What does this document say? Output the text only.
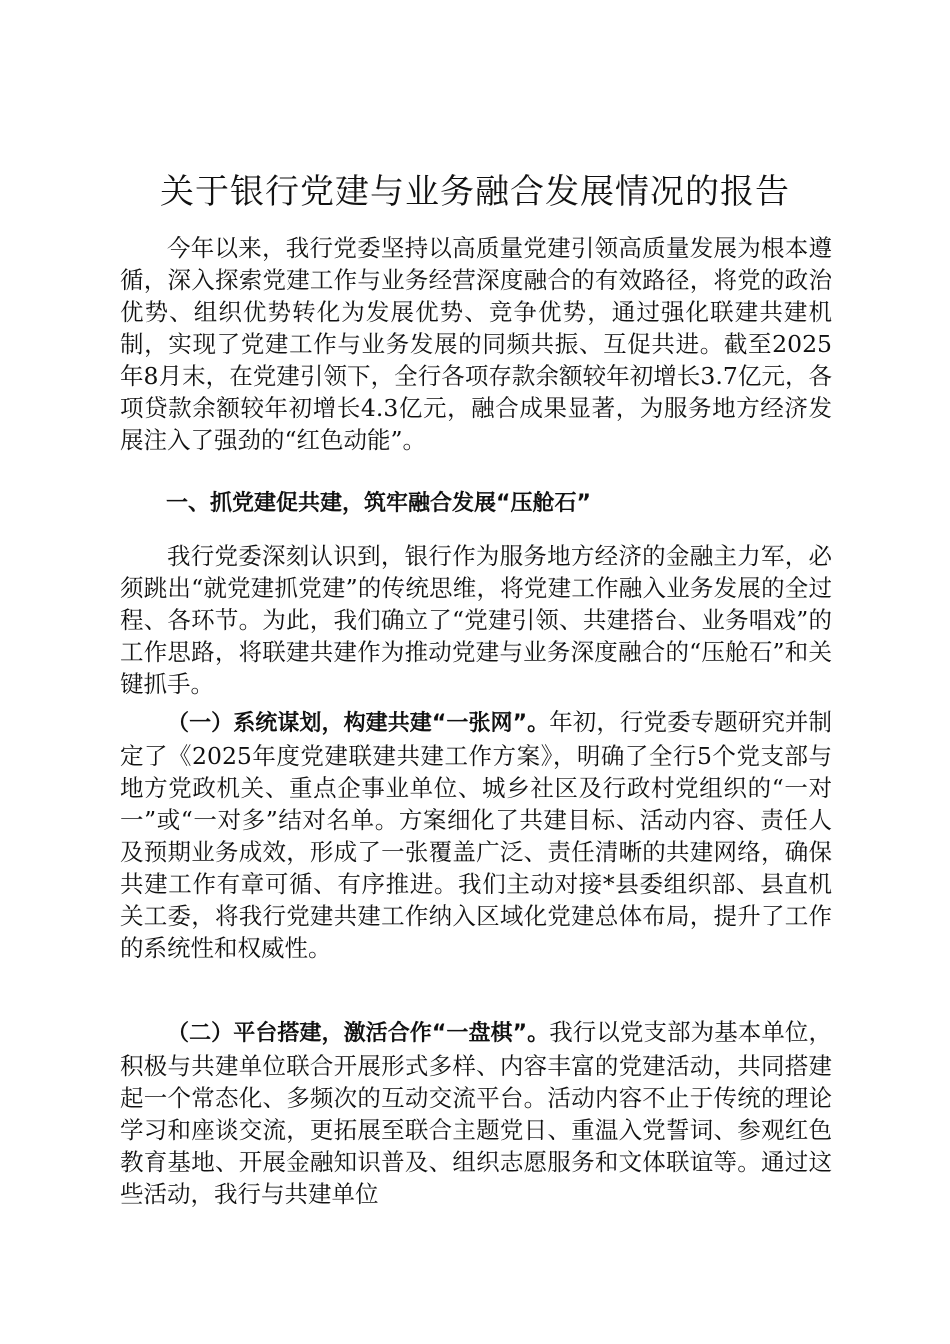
关于银行党建与业务融合发展情况的报告

今年以来，我行党委坚持以高质量党建引领高质量发展为根本遵循，深入探索党建工作与业务经营深度融合的有效路径，将党的政治优势、组织优势转化为发展优势、竞争优势，通过强化联建共建机制，实现了党建工作与业务发展的同频共振、互促共进。截至2025年8月末，在党建引领下，全行各项存款余额较年初增长3.7亿元，各项贷款余额较年初增长4.3亿元，融合成果显著，为服务地方经济发展注入了强劲的“红色动能”。

一、抓党建促共建，筑牢融合发展“压舱石”

我行党委深刻认识到，银行作为服务地方经济的金融主力军，必须跳出“就党建抓党建”的传统思维，将党建工作融入业务发展的全过程、各环节。为此，我们确立了“党建引领、共建搭台、业务唱戏”的工作思路，将联建共建作为推动党建与业务深度融合的“压舱石”和关键抓手。

（一）系统谋划，构建共建“一张网”。年初，行党委专题研究并制定了《2025年度党建联建共建工作方案》，明确了全行5个党支部与地方党政机关、重点企事业单位、城乡社区及行政村党组织的“一对一”或“一对多”结对名单。方案细化了共建目标、活动内容、责任人及预期业务成效，形成了一张覆盖广泛、责任清晰的共建网络，确保共建工作有章可循、有序推进。我们主动对接*县委组织部、县直机关工委，将我行党建共建工作纳入区域化党建总体布局，提升了工作的系统性和权威性。

（二）平台搭建，激活合作“一盘棋”。我行以党支部为基本单位，积极与共建单位联合开展形式多样、内容丰富的党建活动，共同搭建起一个常态化、多频次的互动交流平台。活动内容不止于传统的理论学习和座谈交流，更拓展至联合主题党日、重温入党誓词、参观红色教育基地、开展金融知识普及、组织志愿服务和文体联谊等。通过这些活动，我行与共建单位
